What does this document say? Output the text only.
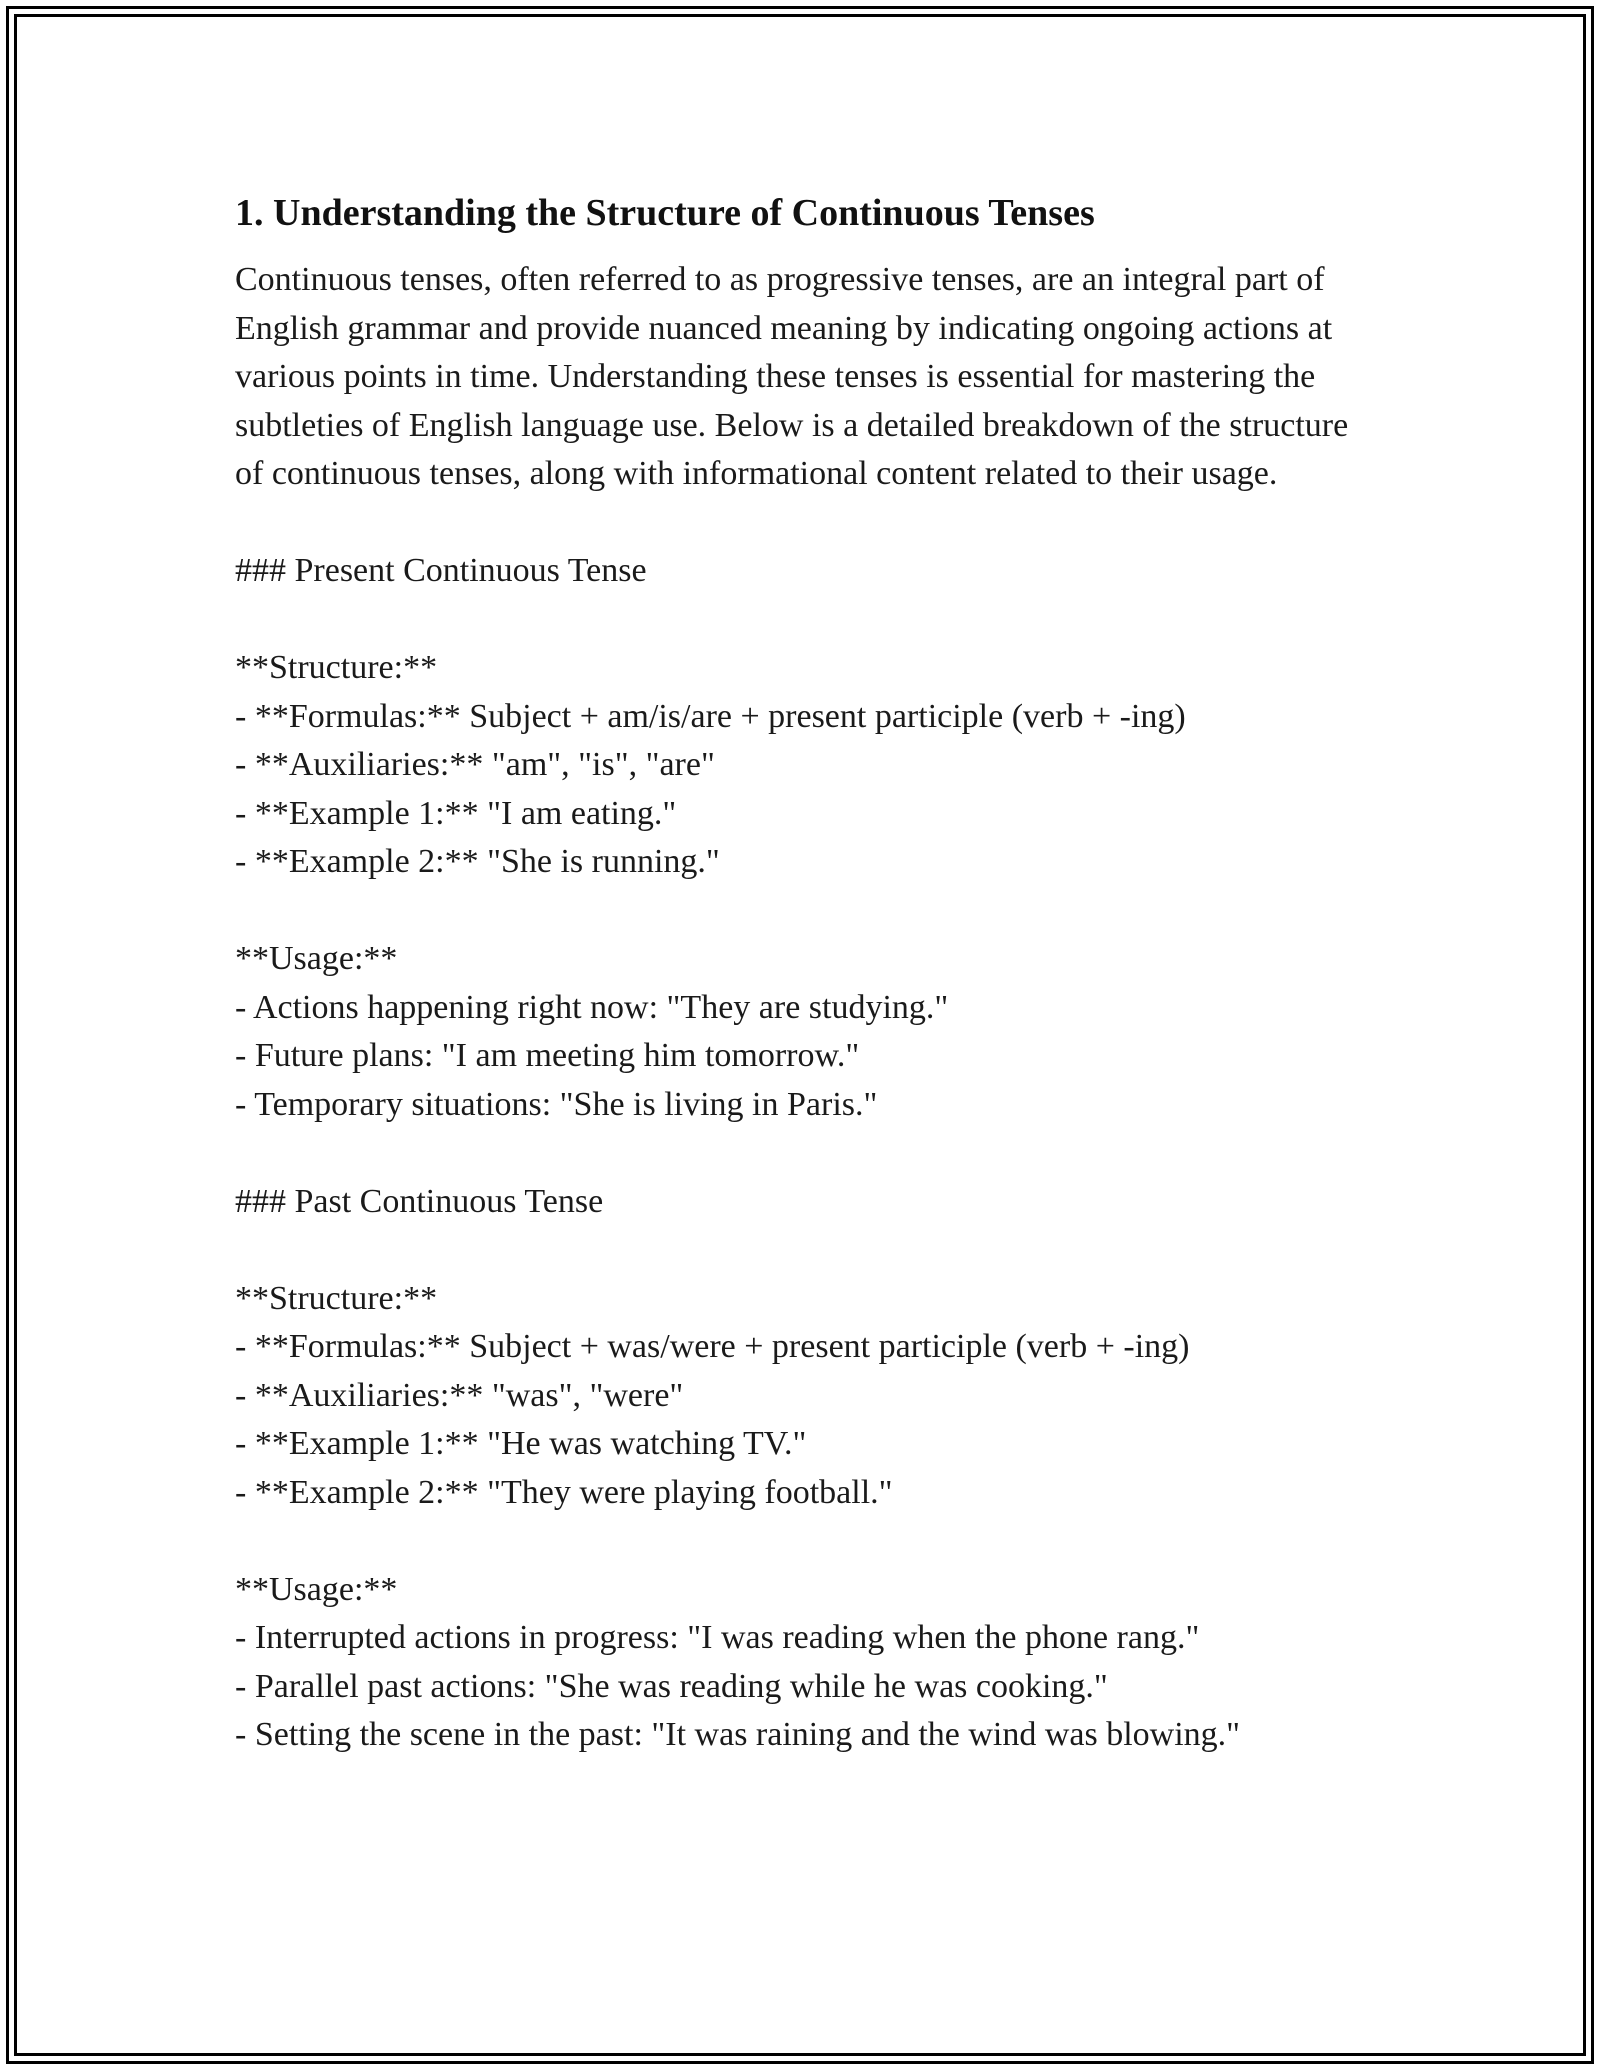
1. Understanding the Structure of Continuous Tenses

Continuous tenses, often referred to as progressive tenses, are an integral part of English grammar and provide nuanced meaning by indicating ongoing actions at various points in time. Understanding these tenses is essential for mastering the subtleties of English language use. Below is a detailed breakdown of the structure of continuous tenses, along with informational content related to their usage.

### Present Continuous Tense
**Structure:**
- **Formulas:** Subject + am/is/are + present participle (verb + -ing)
- **Auxiliaries:** "am", "is", "are"
- **Example 1:** "I am eating."
- **Example 2:** "She is running."
**Usage:**
- Actions happening right now: "They are studying."
- Future plans: "I am meeting him tomorrow."
- Temporary situations: "She is living in Paris."
### Past Continuous Tense
**Structure:**
- **Formulas:** Subject + was/were + present participle (verb + -ing)
- **Auxiliaries:** "was", "were"
- **Example 1:** "He was watching TV."
- **Example 2:** "They were playing football."
**Usage:**
- Interrupted actions in progress: "I was reading when the phone rang."
- Parallel past actions: "She was reading while he was cooking."
- Setting the scene in the past: "It was raining and the wind was blowing."
